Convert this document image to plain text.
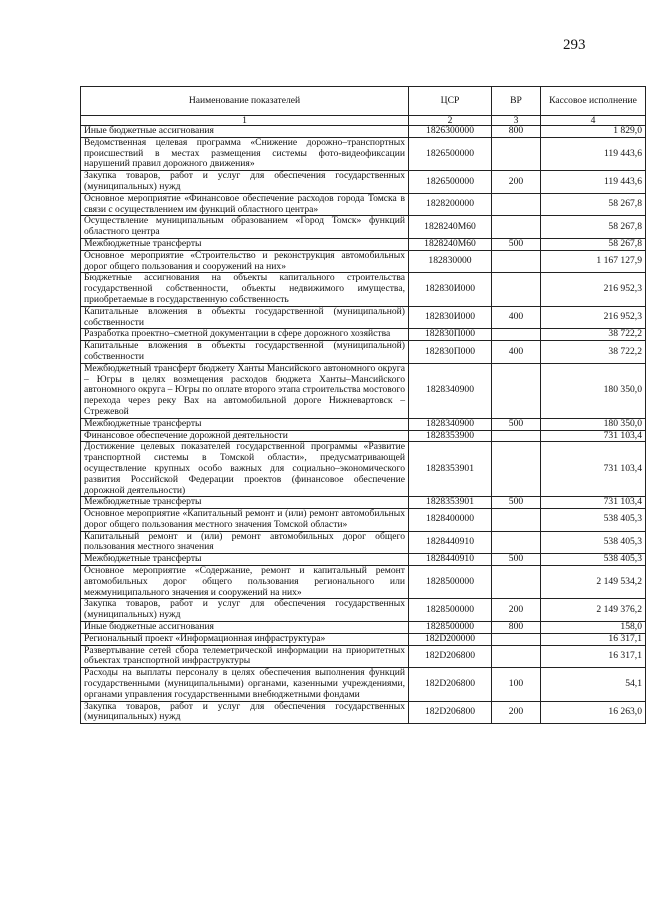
293
Наименование показателей	ЦСР	ВР	Кассовое исполнение
1	2	3	4
Иные бюджетные ассигнования	1826300000	800	1 829,0
Ведомственная целевая программа «Снижение дорожно–транспортных происшествий в местах размещения системы фото-видеофиксации нарушений правил дорожного движения»	1826500000		119 443,6
Закупка товаров, работ и услуг для обеспечения государственных (муниципальных) нужд	1826500000	200	119 443,6
Основное мероприятие «Финансовое обеспечение расходов города Томска в связи с осуществлением им функций областного центра»	1828200000		58 267,8
Осуществление муниципальным образованием «Город Томск» функций областного центра	1828240М60		58 267,8
Межбюджетные трансферты	1828240М60	500	58 267,8
Основное мероприятие «Строительство и реконструкция автомобильных дорог общего пользования и сооружений на них»	182830000		1 167 127,9
Бюджетные ассигнования на объекты капитального строительства государственной собственности, объекты недвижимого имущества, приобретаемые в государственную собственность	182830И000		216 952,3
Капитальные вложения в объекты государственной (муниципальной) собственности	182830И000	400	216 952,3
Разработка проектно–сметной документации в сфере дорожного хозяйства	182830П000		38 722,2
Капитальные вложения в объекты государственной (муниципальной) собственности	182830П000	400	38 722,2
Межбюджетный трансферт бюджету Ханты Мансийского автономного округа – Югры в целях возмещения расходов бюджета Ханты–Мансийского автономного округа – Югры по оплате второго этапа строительства мостового перехода через реку Вах на автомобильной дороге Нижневартовск – Стрежевой	1828340900		180 350,0
Межбюджетные трансферты	1828340900	500	180 350,0
Финансовое обеспечение дорожной деятельности	1828353900		731 103,4
Достижение целевых показателей государственной программы «Развитие транспортной системы в Томской области», предусматривающей осуществление крупных особо важных для социально–экономического развития Российской Федерации проектов (финансовое обеспечение дорожной деятельности)	1828353901		731 103,4
Межбюджетные трансферты	1828353901	500	731 103,4
Основное мероприятие «Капитальный ремонт и (или) ремонт автомобильных дорог общего пользования местного значения Томской области»	1828400000		538 405,3
Капитальный ремонт и (или) ремонт автомобильных дорог общего пользования местного значения	1828440910		538 405,3
Межбюджетные трансферты	1828440910	500	538 405,3
Основное мероприятие «Содержание, ремонт и капитальный ремонт автомобильных дорог общего пользования регионального или межмуниципального значения и сооружений на них»	1828500000		2 149 534,2
Закупка товаров, работ и услуг для обеспечения государственных (муниципальных) нужд	1828500000	200	2 149 376,2
Иные бюджетные ассигнования	1828500000	800	158,0
Региональный проект «Информационная инфраструктура»	182D200000		16 317,1
Развертывание сетей сбора телеметрической информации на приоритетных объектах транспортной инфраструктуры	182D206800		16 317,1
Расходы на выплаты персоналу в целях обеспечения выполнения функций государственными (муниципальными) органами, казенными учреждениями, органами управления государственными внебюджетными фондами	182D206800	100	54,1
Закупка товаров, работ и услуг для обеспечения государственных (муниципальных) нужд	182D206800	200	16 263,0
